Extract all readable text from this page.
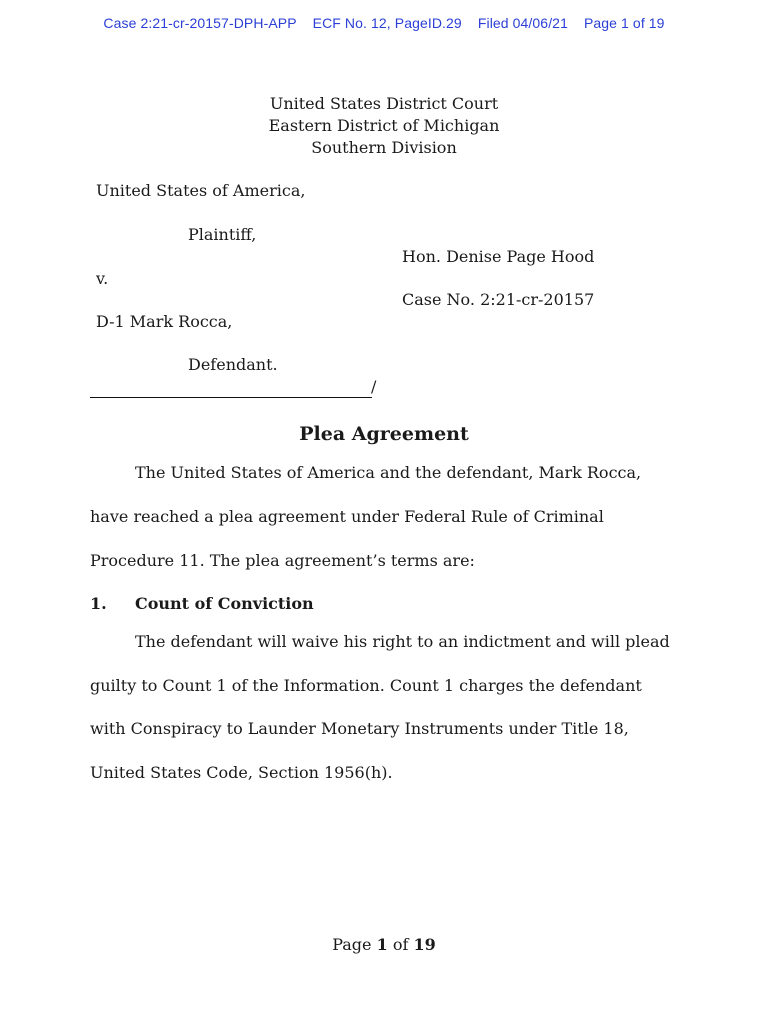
Case 2:21-cr-20157-DPH-APP ECF No. 12, PageID.29 Filed 04/06/21 Page 1 of 19
United States District Court
Eastern District of Michigan
Southern Division
United States of America,
Plaintiff,
Hon. Denise Page Hood
v.
Case No. 2:21-cr-20157
D-1 Mark Rocca,
Defendant.
/
Plea Agreement
The United States of America and the defendant, Mark Rocca,
have reached a plea agreement under Federal Rule of Criminal
Procedure 11. The plea agreement’s terms are:
1. Count of Conviction
The defendant will waive his right to an indictment and will plead
guilty to Count 1 of the Information. Count 1 charges the defendant
with Conspiracy to Launder Monetary Instruments under Title 18,
United States Code, Section 1956(h).
Page 1 of 19
